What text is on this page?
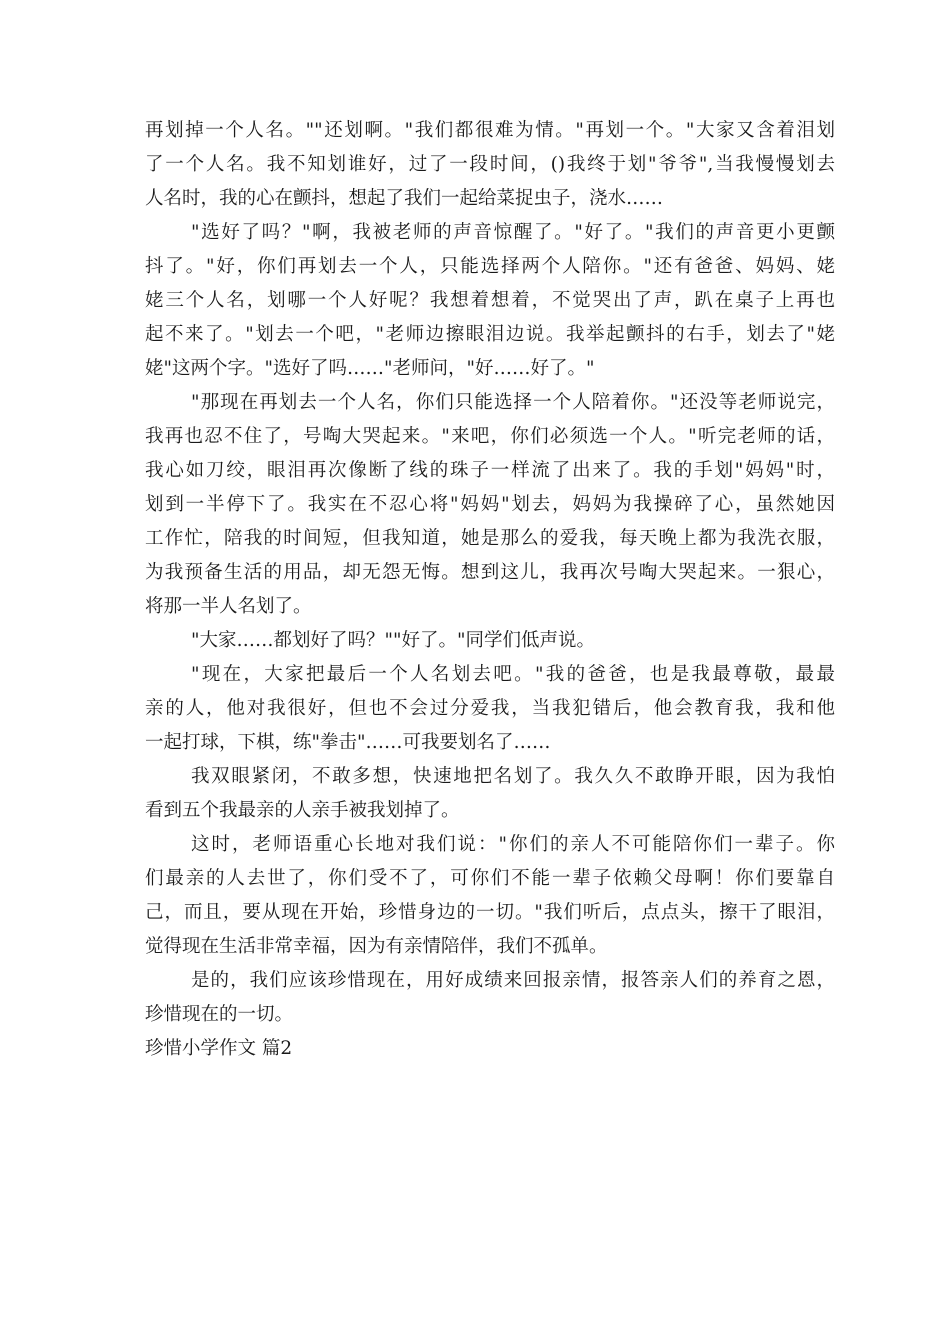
再划掉一个人名。""还划啊。"我们都很难为情。"再划一个。"大家又含着泪划
了一个人名。我不知划谁好，过了一段时间，()我终于划"爷爷",当我慢慢划去
人名时，我的心在颤抖，想起了我们一起给菜捉虫子，浇水……
"选好了吗？"啊，我被老师的声音惊醒了。"好了。"我们的声音更小更颤
抖了。"好，你们再划去一个人，只能选择两个人陪你。"还有爸爸、妈妈、姥
姥三个人名，划哪一个人好呢？我想着想着，不觉哭出了声，趴在桌子上再也
起不来了。"划去一个吧，"老师边擦眼泪边说。我举起颤抖的右手，划去了"姥
姥"这两个字。"选好了吗……"老师问，"好……好了。"
"那现在再划去一个人名，你们只能选择一个人陪着你。"还没等老师说完，
我再也忍不住了，号啕大哭起来。"来吧，你们必须选一个人。"听完老师的话，
我心如刀绞，眼泪再次像断了线的珠子一样流了出来了。我的手划"妈妈"时，
划到一半停下了。我实在不忍心将"妈妈"划去，妈妈为我操碎了心，虽然她因
工作忙，陪我的时间短，但我知道，她是那么的爱我，每天晚上都为我洗衣服，
为我预备生活的用品，却无怨无悔。想到这儿，我再次号啕大哭起来。一狠心，
将那一半人名划了。
"大家……都划好了吗？""好了。"同学们低声说。
"现在，大家把最后一个人名划去吧。"我的爸爸，也是我最尊敬，最最
亲的人，他对我很好，但也不会过分爱我，当我犯错后，他会教育我，我和他
一起打球，下棋，练"拳击"……可我要划名了……
我双眼紧闭，不敢多想，快速地把名划了。我久久不敢睁开眼，因为我怕
看到五个我最亲的人亲手被我划掉了。
这时，老师语重心长地对我们说："你们的亲人不可能陪你们一辈子。你
们最亲的人去世了，你们受不了，可你们不能一辈子依赖父母啊！你们要靠自
己，而且，要从现在开始，珍惜身边的一切。"我们听后，点点头，擦干了眼泪，
觉得现在生活非常幸福，因为有亲情陪伴，我们不孤单。
是的，我们应该珍惜现在，用好成绩来回报亲情，报答亲人们的养育之恩，
珍惜现在的一切。
珍惜小学作文 篇2
